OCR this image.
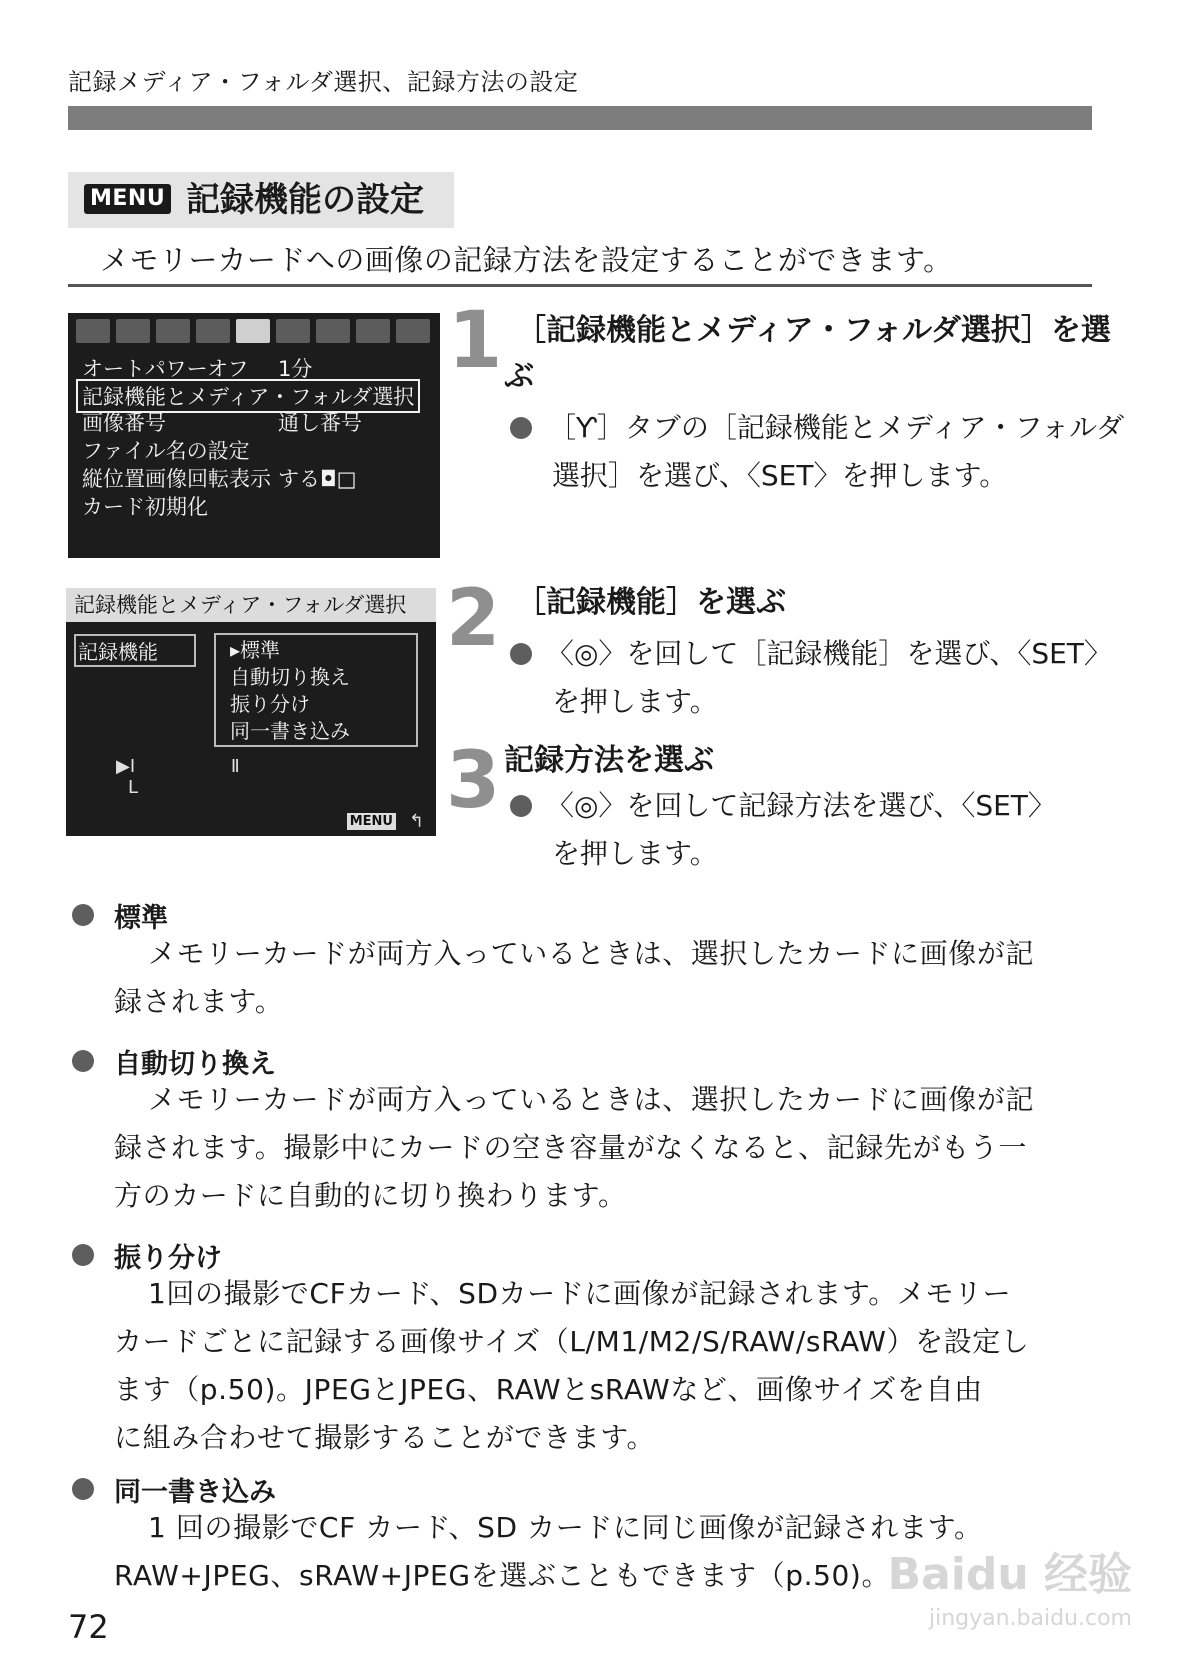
記録メディア・フォルダ選択、記録方法の設定
MENU 記録機能の設定
メモリーカードへの画像の記録方法を設定することができます。
オートパワーオフ 1分
記録機能とメディア・フォルダ選択
画像番号	通し番号
ファイル名の設定
縦位置画像回転表示 する◘□
カード初期化
記録機能とメディア・フォルダ選択
記録機能	▸標準
自動切り換え
振り分け
同一書き込み
▶Ⅰ	Ⅱ
L
MENU ↰
1
2
3
［記録機能とメディア・フォルダ選択］を選
ぶ
［Ƴ］タブの［記録機能とメディア・フォルダ
選択］を選び、〈SET〉を押します。
［記録機能］を選ぶ
〈◎〉を回して［記録機能］を選び、〈SET〉
を押します。
記録方法を選ぶ
〈◎〉を回して記録方法を選び、〈SET〉
を押します。
標準
メモリーカードが両方入っているときは、選択したカードに画像が記
録されます。
自動切り換え
メモリーカードが両方入っているときは、選択したカードに画像が記
録されます。撮影中にカードの空き容量がなくなると、記録先がもう一
方のカードに自動的に切り換わります。
振り分け
1回の撮影でCFカード、SDカードに画像が記録されます。メモリー
カードごとに記録する画像サイズ（L/M1/M2/S/RAW/sRAW）を設定し
ます（p.50)。JPEGとJPEG、RAWとsRAWなど、画像サイズを自由
に組み合わせて撮影することができます。
同一書き込み
1 回の撮影でCF カード、SD カードに同じ画像が記録されます。
RAW+JPEG、sRAW+JPEGを選ぶこともできます（p.50)。
72
Baidu 经验
jingyan.baidu.com
